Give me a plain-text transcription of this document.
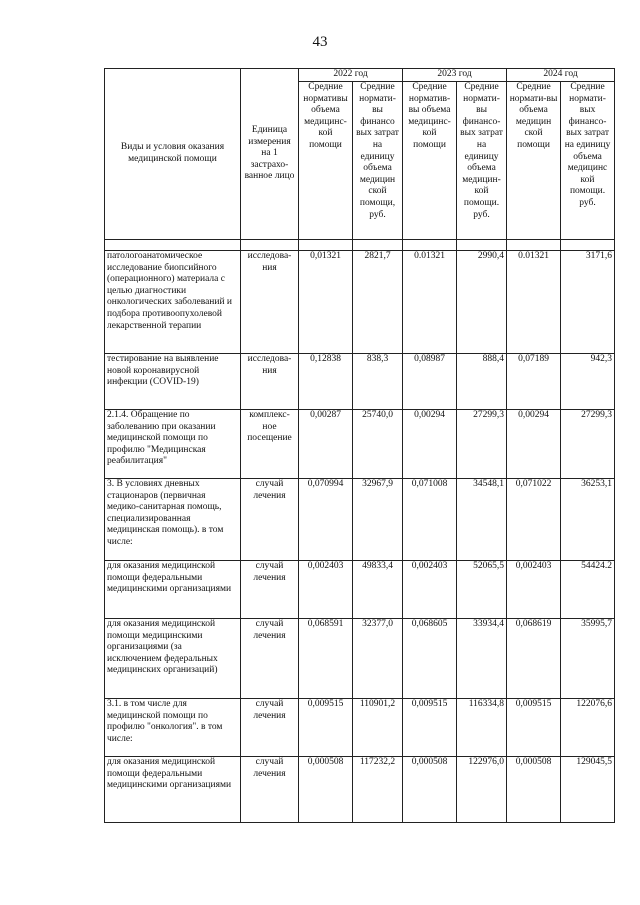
43
Виды и условия оказания медицинской помощи	Единица измерения на 1 застрахо-ванное лицо	2022 год		2023 год		2024 год	
		Средние нормативы объема медицинс-кой помощи	Средние нормати-вы финансо вых затрат на единицу объема медицин ской помощи, руб.	Средние норматив-вы объема медицинс-кой помощи	Средние нормати-вы финансо-вых затрат на единицу объема медицин-кой помощи. руб.	Средние нормати-вы объема медицин ской помощи	Средние нормати-вых финансо-вых затрат на единицу объема медицинс кой помощи. руб.

патологоанатомическое исследование биопсийного (операционного) материала с целью диагностики онкологических заболеваний и подбора противоопухолевой лекарственной терапии	исследова-ния	0,01321	2821,7	0.01321	2990,4	0.01321	3171,6
тестирование на выявление новой коронавирусной инфекции (COVID-19)	исследова-ния	0,12838	838,3	0,08987	888,4	0,07189	942,3
2.1.4. Обращение по заболеванию при оказании медицинской помощи по профилю "Медицинская реабилитация"	комплекс-ное посещение	0,00287	25740,0	0,00294	27299,3	0,00294	27299,3
3. В условиях дневных стационаров (первичная медико-санитарная помощь, специализированная медицинская помощь). в том числе:	случай лечения	0,070994	32967,9	0,071008	34548,1	0,071022	36253,1
для оказания медицинской помощи федеральными медицинскими организациями	случай лечения	0,002403	49833,4	0,002403	52065,5	0,002403	54424.2
для оказания медицинской помощи медицинскими организациями (за исключением федеральных медицинских организаций)	случай лечения	0,068591	32377,0	0,068605	33934,4	0,068619	35995,7
3.1. в том числе для медицинской помощи по профилю "онкология". в том числе:	случай лечения	0,009515	110901,2	0,009515	116334,8	0,009515	122076,6
для оказания медицинской помощи федеральными медицинскими организациями	случай лечения	0,000508	117232,2	0,000508	122976,0	0,000508	129045,5
